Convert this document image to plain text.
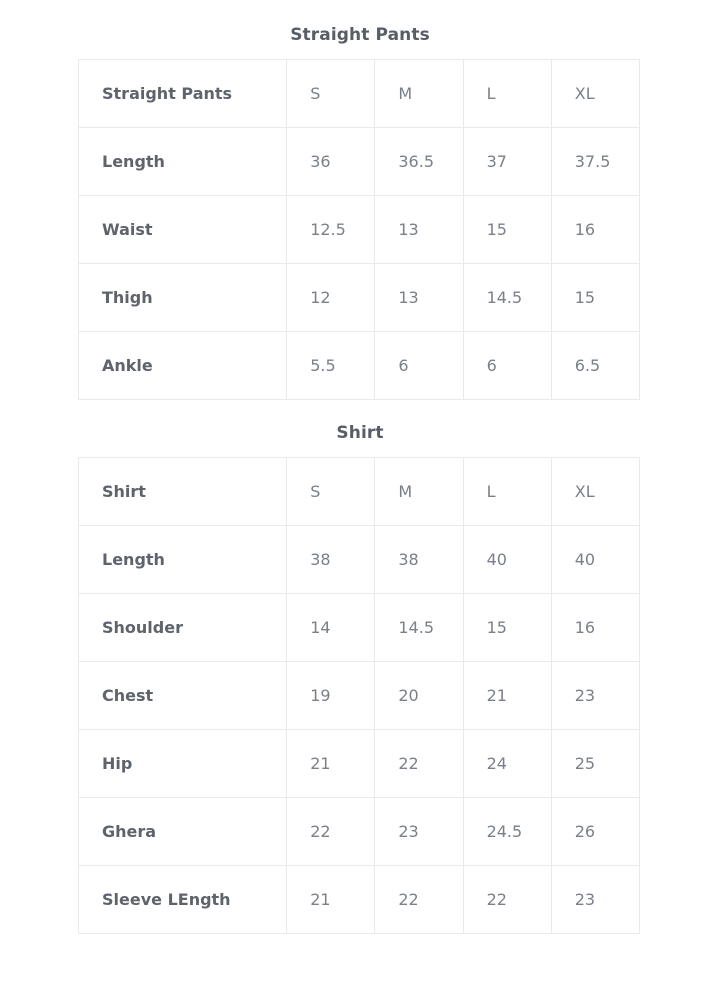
Straight Pants
Straight Pants	S	M	L	XL
Length	36	36.5	37	37.5
Waist	12.5	13	15	16
Thigh	12	13	14.5	15
Ankle	5.5	6	6	6.5
Shirt
Shirt	S	M	L	XL
Length	38	38	40	40
Shoulder	14	14.5	15	16
Chest	19	20	21	23
Hip	21	22	24	25
Ghera	22	23	24.5	26
Sleeve LEngth	21	22	22	23
